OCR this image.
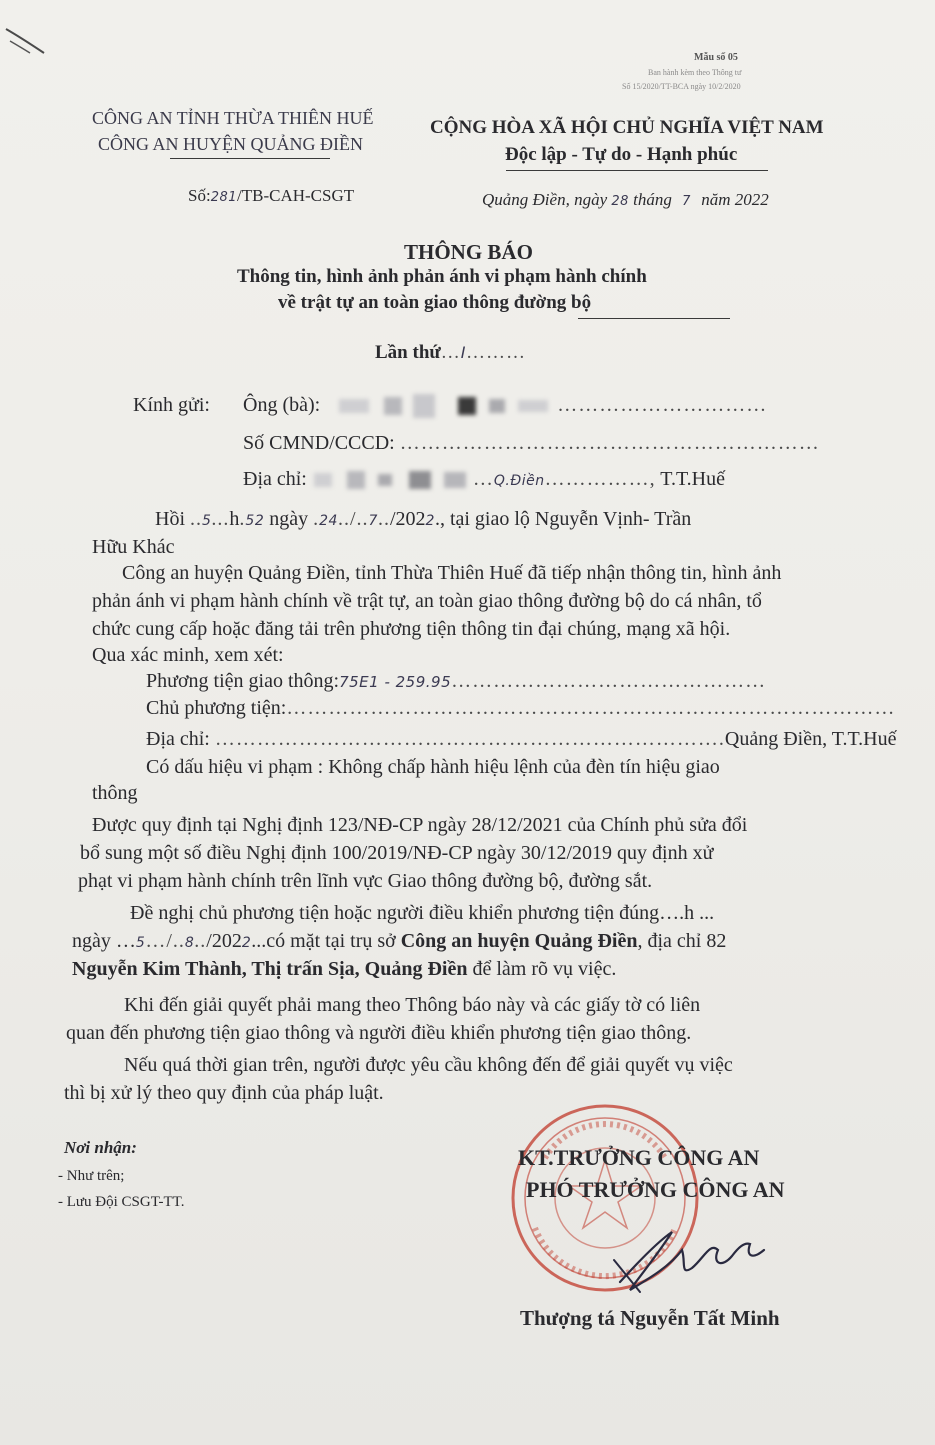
Mẫu số 05
Ban hành kèm theo Thông tư
Số 15/2020/TT-BCA ngày 10/2/2020
CÔNG AN TỈNH THỪA THIÊN HUẾ
CÔNG AN HUYỆN QUẢNG ĐIỀN
Số:281/TB-CAH-CSGT
CỘNG HÒA XÃ HỘI CHỦ NGHĨA VIỆT NAM
Độc lập - Tự do - Hạnh phúc
Quảng Điền, ngày 28 tháng 7 năm 2022
THÔNG BÁO
Thông tin, hình ảnh phản ánh vi phạm hành chính
về trật tự an toàn giao thông đường bộ
Lần thứ…I………
Kính gửi: Ông (bà):	…………………………
Số CMND/CCCD: ……………………………………………………
Địa chỉ:	…Q.Điền……………, T.T.Huế
Hồi ..5...h.52 ngày .24../..7../2022., tại giao lộ Nguyễn Vịnh- Trần
Hữu Khác
Công an huyện Quảng Điền, tỉnh Thừa Thiên Huế đã tiếp nhận thông tin, hình ảnh
phản ánh vi phạm hành chính về trật tự, an toàn giao thông đường bộ do cá nhân, tổ
chức cung cấp hoặc đăng tải trên phương tiện thông tin đại chúng, mạng xã hội.
Qua xác minh, xem xét:
Phương tiện giao thông:75E1 - 259.95………………………………………
Chủ phương tiện:……………………………………………………………………………
Địa chỉ: ……………………………………………………………….Quảng Điền, T.T.Huế
Có dấu hiệu vi phạm : Không chấp hành hiệu lệnh của đèn tín hiệu giao
thông
Được quy định tại Nghị định 123/NĐ-CP ngày 28/12/2021 của Chính phủ sửa đổi
bổ sung một số điều Nghị định 100/2019/NĐ-CP ngày 30/12/2019 quy định xử
phạt vi phạm hành chính trên lĩnh vực Giao thông đường bộ, đường sắt.
Đề nghị chủ phương tiện hoặc người điều khiển phương tiện đúng….h ...
ngày …5…/..8../2022...có mặt tại trụ sở Công an huyện Quảng Điền, địa chỉ 82
Nguyễn Kim Thành, Thị trấn Sịa, Quảng Điền để làm rõ vụ việc.
Khi đến giải quyết phải mang theo Thông báo này và các giấy tờ có liên
quan đến phương tiện giao thông và người điều khiển phương tiện giao thông.
Nếu quá thời gian trên, người được yêu cầu không đến để giải quyết vụ việc
thì bị xử lý theo quy định của pháp luật.
Nơi nhận:
- Như trên;
- Lưu Đội CSGT-TT.
KT.TRƯỞNG CÔNG AN
PHÓ TRƯỞNG CÔNG AN
Thượng tá Nguyễn Tất Minh
